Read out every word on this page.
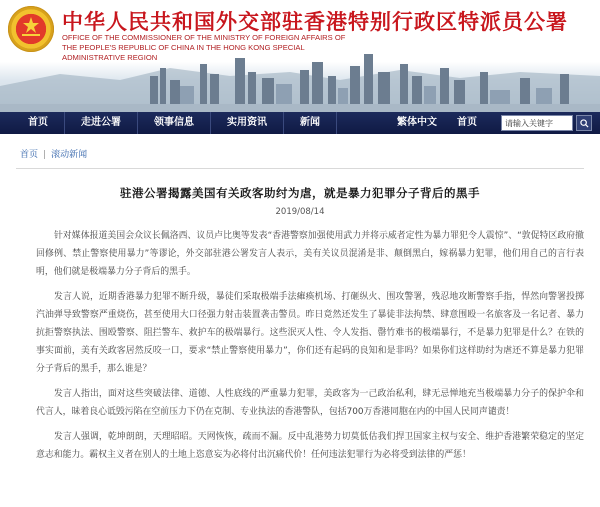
中华人民共和国外交部驻香港特别行政区特派员公署
OFFICE OF THE COMMISSIONER OF THE MINISTRY OF FOREIGN AFFAIRS OF THE PEOPLE'S REPUBLIC OF CHINA IN THE HONG KONG SPECIAL ADMINISTRATIVE REGION
首页	走进公署	领事信息	实用资讯	新闻	繁体中文	首页
请输入关键字
首页 | 滚动新闻
驻港公署揭露美国有关政客助纣为虐，就是暴力犯罪分子背后的黑手
2019/08/14

针对媒体报道美国会众议长佩洛西、议员卢比奥等发表“香港警察加强使用武力并将示威者定性为暴力罪犯令人震惊”、“敦促特区政府撤回修例、禁止警察使用暴力”等谬论，外交部驻港公署发言人表示，美有关议员混淆是非、颠倒黑白，嫁祸暴力犯罪，他们用自己的言行表明，他们就是极端暴力分子背后的黑手。

发言人说，近期香港暴力犯罪不断升级，暴徒们采取极端手法瘫痪机场、打砸纵火、围攻警署，残忍地攻断警察手指，悍然向警署投掷汽油弹导致警察严重烧伤，甚至使用大口径强力射击装置袭击警员。昨日竟然还发生了暴徒非法拘禁、肆意围殴一名旅客及一名记者、暴力抗拒警察执法、围殴警察、阻拦警车、救护车的极端暴行。这些泯灭人性、令人发指、罄竹难书的极端暴行，不是暴力犯罪是什么？在铁的事实面前，美有关政客居然反咬一口，要求“禁止警察使用暴力”，你们还有起码的良知和是非吗？如果你们这样助纣为虐还不算是暴力犯罪分子背后的黑手，那么谁是？

发言人指出，面对这些突破法律、道德、人性底线的严重暴力犯罪，美政客为一己政治私利，肆无忌惮地充当极端暴力分子的保护伞和代言人，昧着良心诋毁污陷在空前压力下仍在克制、专业执法的香港警队，包括700万香港同胞在内的中国人民同声谴责！

发言人强调，乾坤朗朗，天理昭昭。天网恢恢，疏而不漏。反中乱港势力切莫低估我们捍卫国家主权与安全、维护香港繁荣稳定的坚定意志和能力。霸权主义者在别人的土地上恣意妄为必将付出沉痛代价！任何违法犯罪行为必将受到法律的严惩！
